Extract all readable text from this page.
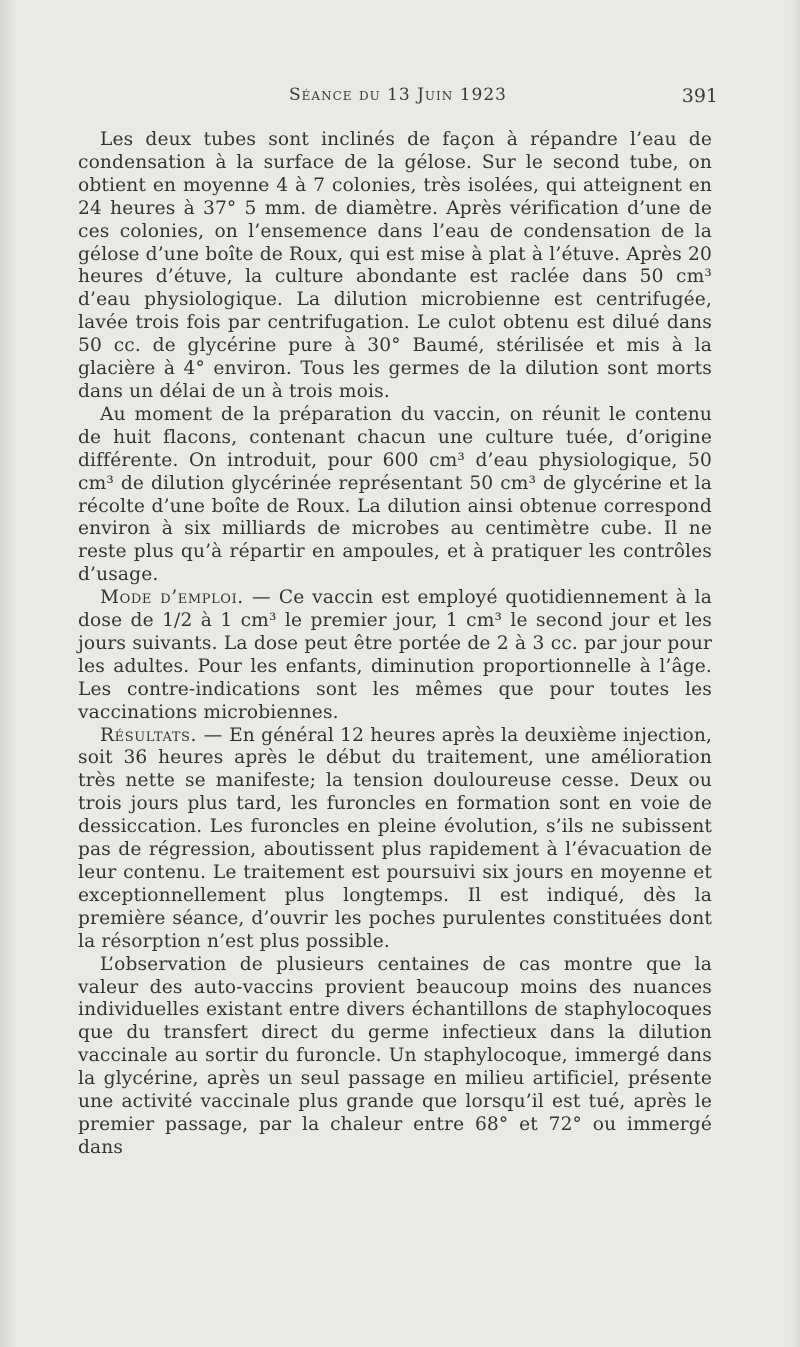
Séance du 13 Juin 1923	391

Les deux tubes sont inclinés de façon à répandre l’eau de condensation à la surface de la gélose. Sur le second tube, on obtient en moyenne 4 à 7 colonies, très isolées, qui atteignent en 24 heures à 37° 5 mm. de diamètre. Après vérification d’une de ces colonies, on l’ensemence dans l’eau de condensation de la gélose d’une boîte de Roux, qui est mise à plat à l’étuve. Après 20 heures d’étuve, la culture abondante est raclée dans 50 cm³ d’eau physiologique. La dilution microbienne est centrifugée, lavée trois fois par centrifugation. Le culot obtenu est dilué dans 50 cc. de glycérine pure à 30° Baumé, stérilisée et mis à la glacière à 4° environ. Tous les germes de la dilution sont morts dans un délai de un à trois mois.

Au moment de la préparation du vaccin, on réunit le contenu de huit flacons, contenant chacun une culture tuée, d’origine différente. On introduit, pour 600 cm³ d’eau physiologique, 50 cm³ de dilution glycérinée représentant 50 cm³ de glycérine et la récolte d’une boîte de Roux. La dilution ainsi obtenue correspond environ à six milliards de microbes au centimètre cube. Il ne reste plus qu’à répartir en ampoules, et à pratiquer les contrôles d’usage.

Mode d’emploi. — Ce vaccin est employé quotidiennement à la dose de 1/2 à 1 cm³ le premier jour, 1 cm³ le second jour et les jours suivants. La dose peut être portée de 2 à 3 cc. par jour pour les adultes. Pour les enfants, diminution proportionnelle à l’âge. Les contre-indications sont les mêmes que pour toutes les vaccinations microbiennes.

Résultats. — En général 12 heures après la deuxième injection, soit 36 heures après le début du traitement, une amélioration très nette se manifeste; la tension douloureuse cesse. Deux ou trois jours plus tard, les furoncles en formation sont en voie de dessiccation. Les furoncles en pleine évolution, s’ils ne subissent pas de régression, aboutissent plus rapidement à l’évacuation de leur contenu. Le traitement est poursuivi six jours en moyenne et exceptionnellement plus longtemps. Il est indiqué, dès la première séance, d’ouvrir les poches purulentes constituées dont la résorption n’est plus possible.

L’observation de plusieurs centaines de cas montre que la valeur des auto-vaccins provient beaucoup moins des nuances individuelles existant entre divers échantillons de staphylocoques que du transfert direct du germe infectieux dans la dilution vaccinale au sortir du furoncle. Un staphylocoque, immergé dans la glycérine, après un seul passage en milieu artificiel, présente une activité vaccinale plus grande que lorsqu’il est tué, après le premier passage, par la chaleur entre 68° et 72° ou immergé dans
